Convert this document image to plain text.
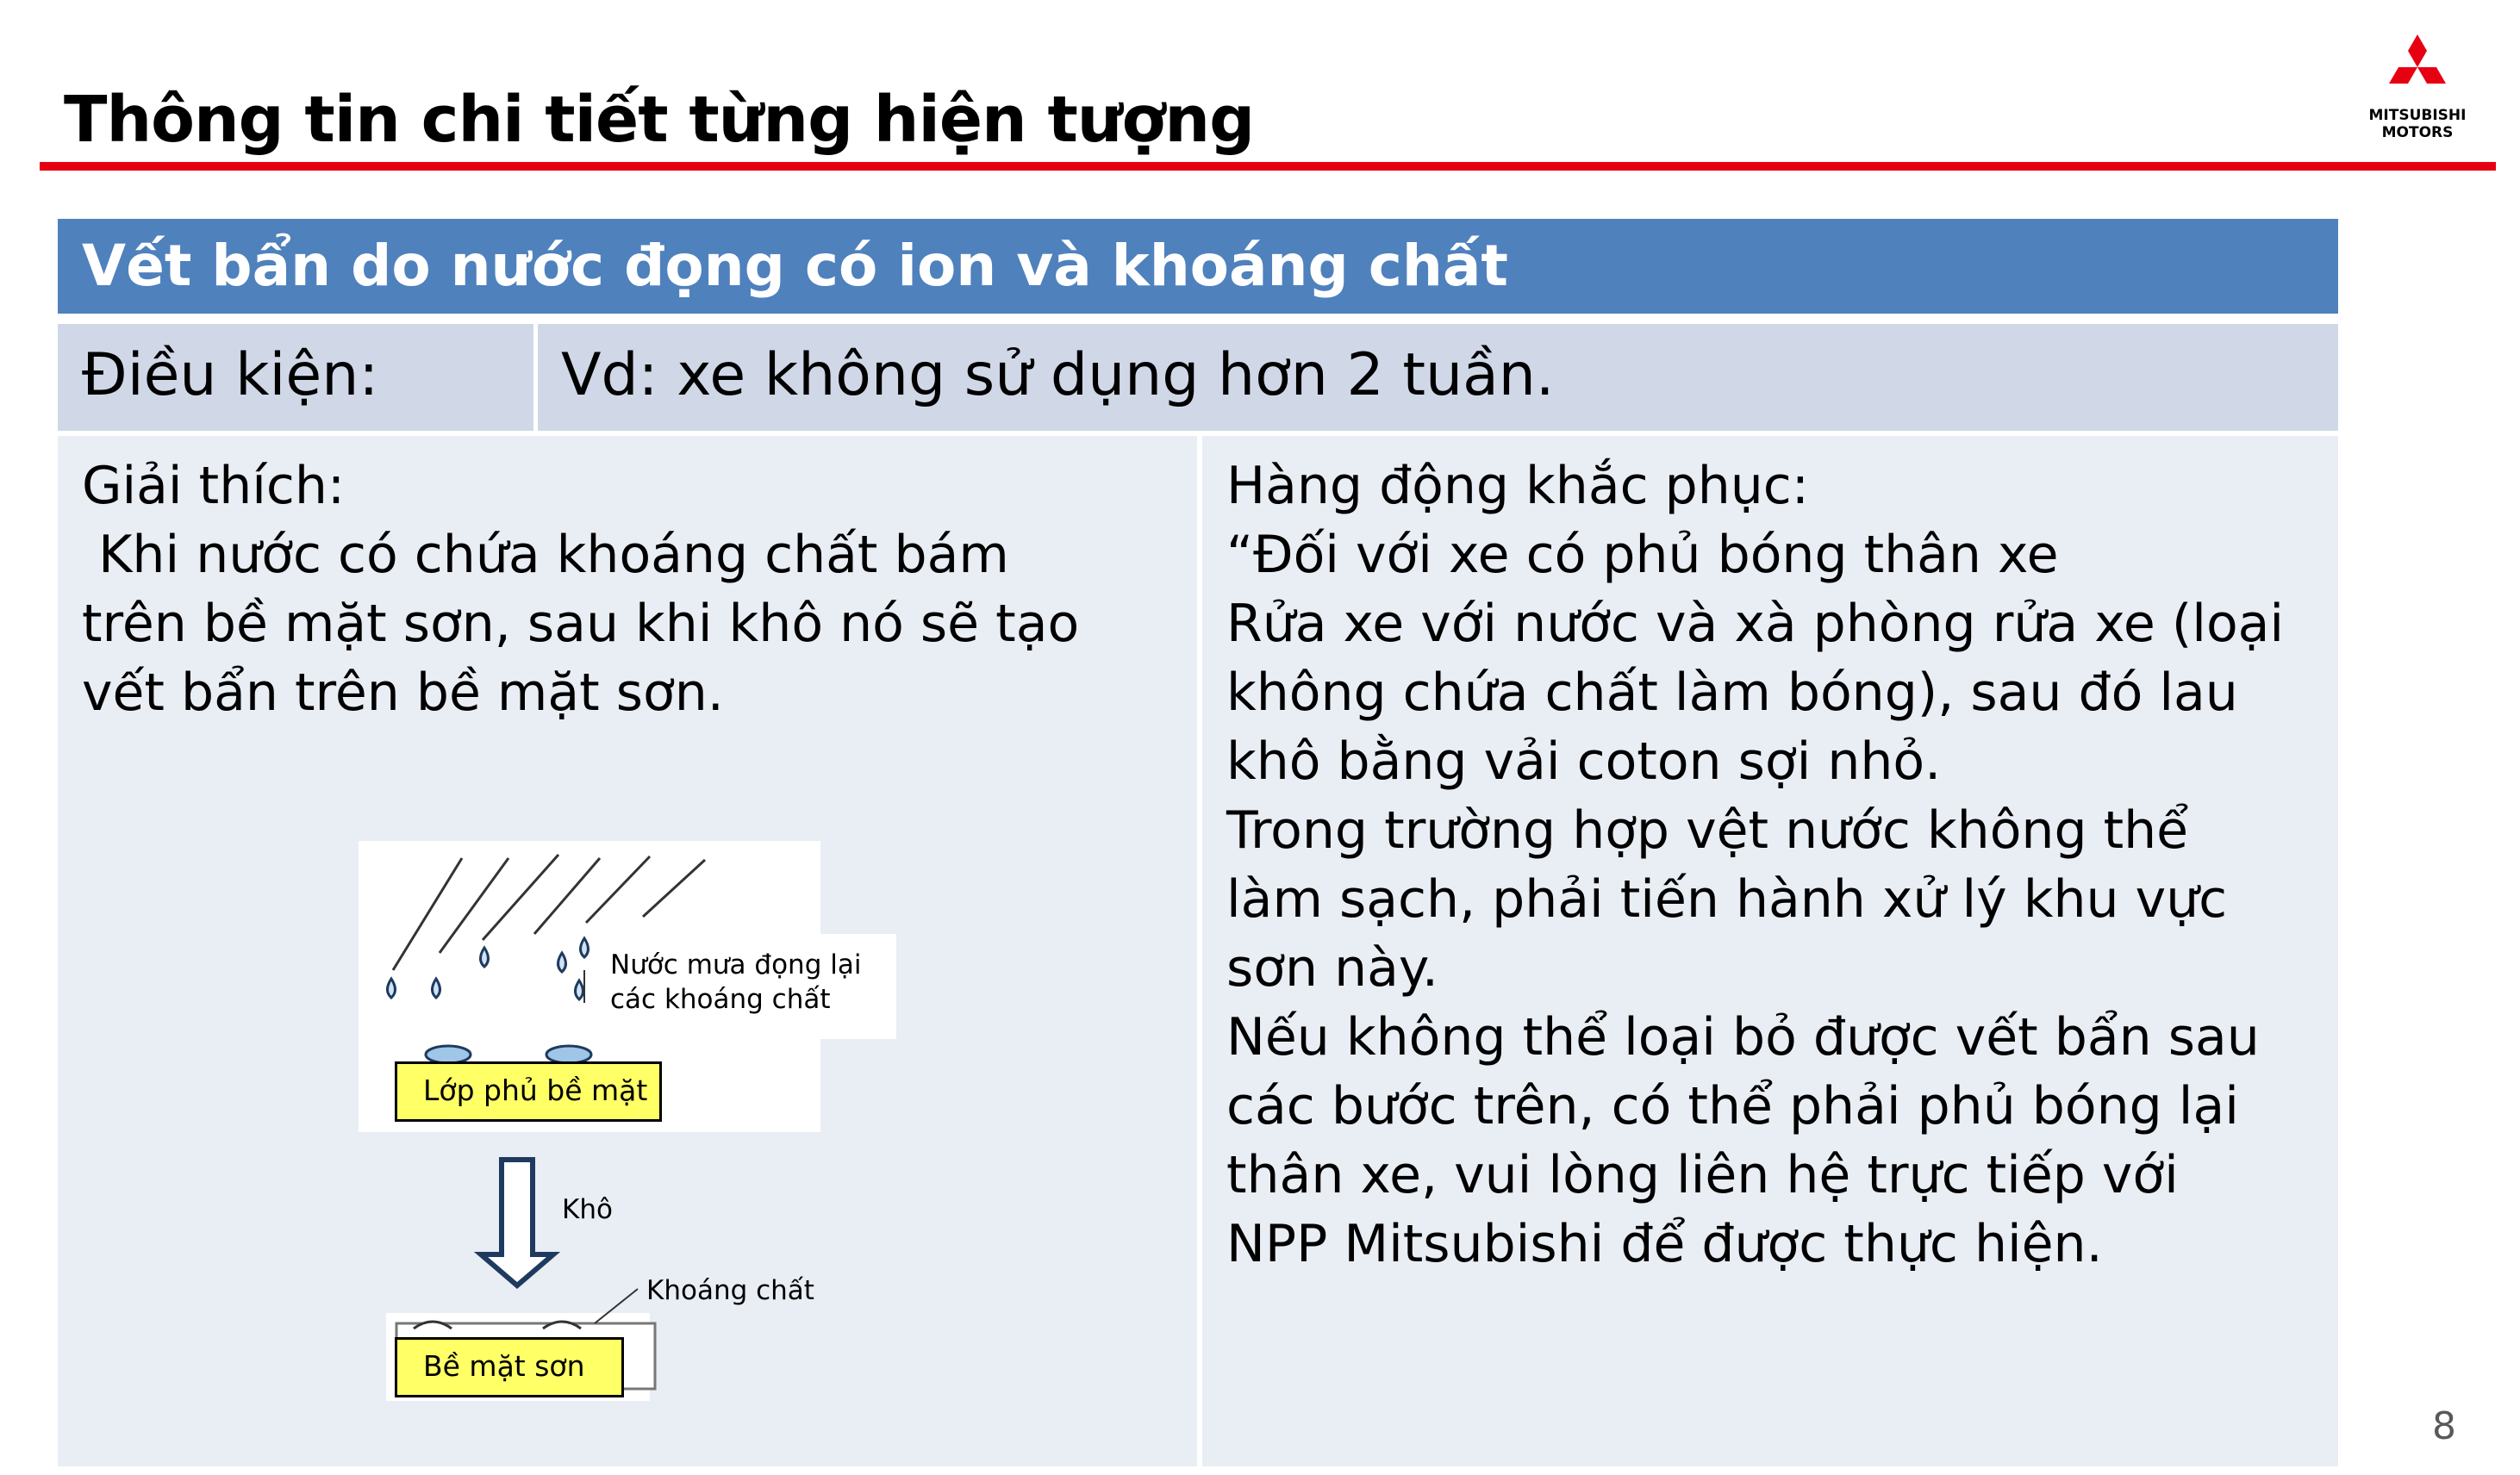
Thông tin chi tiết từng hiện tượng	MITSUBISHI
MOTORS
Vết bẩn do nước đọng có ion và khoáng chất
Điều kiện:	Vd: xe không sử dụng hơn 2 tuần.
Giải thích:
Khi nước có chứa khoáng chất bám
trên bề mặt sơn, sau khi khô nó sẽ tạo
vết bẩn trên bề mặt sơn.
Hàng động khắc phục:
“Đối với xe có phủ bóng thân xe
Rửa xe với nước và xà phòng rửa xe (loại
không chứa chất làm bóng), sau đó lau
khô bằng vải coton sợi nhỏ.
Trong trường hợp vệt nước không thể
làm sạch, phải tiến hành xử lý khu vực
sơn này.
Nếu không thể loại bỏ được vết bẩn sau
các bước trên, có thể phải phủ bóng lại
thân xe, vui lòng liên hệ trực tiếp với
NPP Mitsubishi để được thực hiện.
Nước mưa đọng lại
các khoáng chất
Lớp phủ bề mặt
Khô
Khoáng chất
Bề mặt sơn
8
